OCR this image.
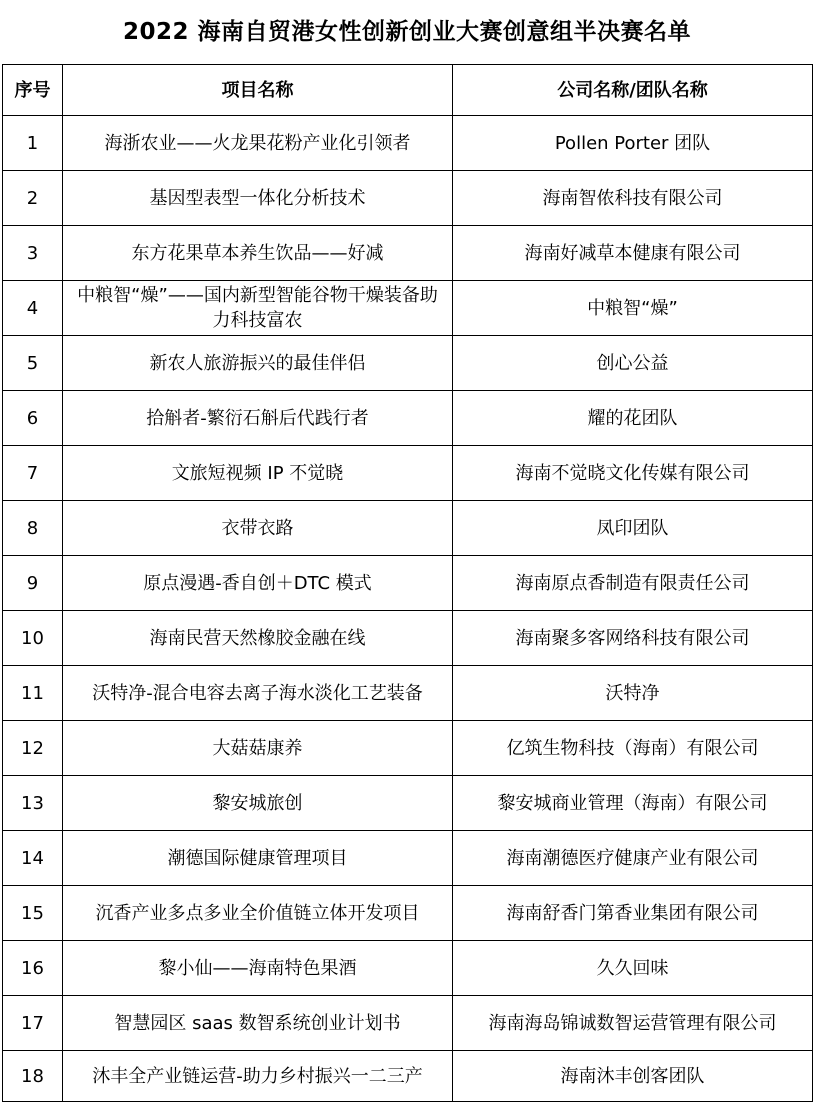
2022 海南自贸港女性创新创业大赛创意组半决赛名单
序号	项目名称	公司名称/团队名称
1	海浙农业——火龙果花粉产业化引领者	Pollen Porter 团队
2	基因型表型一体化分析技术	海南智侬科技有限公司
3	东方花果草本养生饮品——好减	海南好减草本健康有限公司
4	中粮智“燥”——国内新型智能谷物干燥装备助力科技富农	中粮智“燥”
5	新农人旅游振兴的最佳伴侣	创心公益
6	拾斛者-繁衍石斛后代践行者	耀的花团队
7	文旅短视频 IP 不觉晓	海南不觉晓文化传媒有限公司
8	衣带衣路	凤印团队
9	原点漫遇-香自创＋DTC 模式	海南原点香制造有限责任公司
10	海南民营天然橡胶金融在线	海南聚多客网络科技有限公司
11	沃特净-混合电容去离子海水淡化工艺装备	沃特净
12	大菇菇康养	亿筑生物科技（海南）有限公司
13	黎安城旅创	黎安城商业管理（海南）有限公司
14	潮德国际健康管理项目	海南潮德医疗健康产业有限公司
15	沉香产业多点多业全价值链立体开发项目	海南舒香门第香业集团有限公司
16	黎小仙——海南特色果酒	久久回味
17	智慧园区 saas 数智系统创业计划书	海南海岛锦诚数智运营管理有限公司
18	沐丰全产业链运营-助力乡村振兴一二三产	海南沐丰创客团队
